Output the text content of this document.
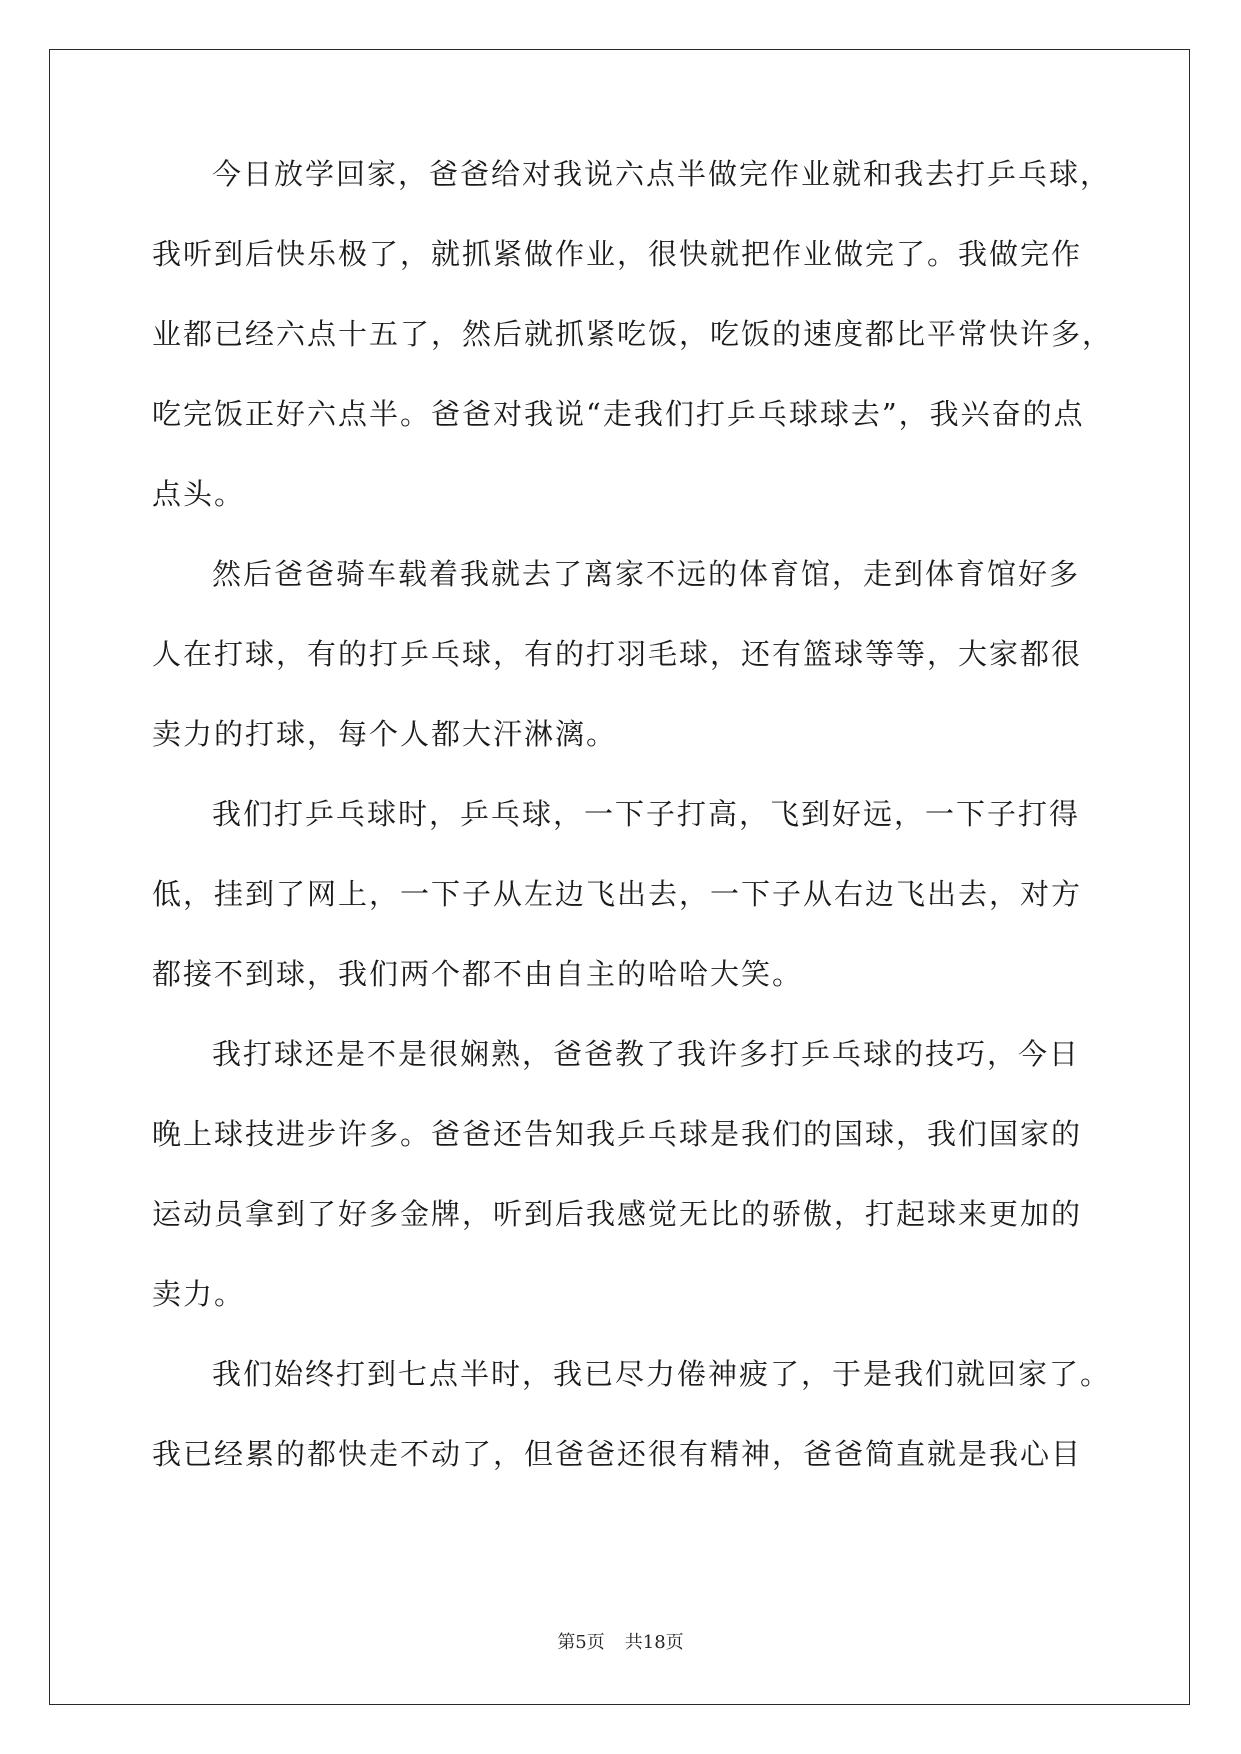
今日放学回家，爸爸给对我说六点半做完作业就和我去打乒乓球，
我听到后快乐极了，就抓紧做作业，很快就把作业做完了。我做完作
业都已经六点十五了，然后就抓紧吃饭，吃饭的速度都比平常快许多，
吃完饭正好六点半。爸爸对我说“走我们打乒乓球球去”，我兴奋的点
点头。
然后爸爸骑车载着我就去了离家不远的体育馆，走到体育馆好多
人在打球，有的打乒乓球，有的打羽毛球，还有篮球等等，大家都很
卖力的打球，每个人都大汗淋漓。
我们打乒乓球时，乒乓球，一下子打高，飞到好远，一下子打得
低，挂到了网上，一下子从左边飞出去，一下子从右边飞出去，对方
都接不到球，我们两个都不由自主的哈哈大笑。
我打球还是不是很娴熟，爸爸教了我许多打乒乓球的技巧，今日
晚上球技进步许多。爸爸还告知我乒乓球是我们的国球，我们国家的
运动员拿到了好多金牌，听到后我感觉无比的骄傲，打起球来更加的
卖力。
我们始终打到七点半时，我已尽力倦神疲了，于是我们就回家了。
我已经累的都快走不动了，但爸爸还很有精神，爸爸简直就是我心目
第5页 共18页
